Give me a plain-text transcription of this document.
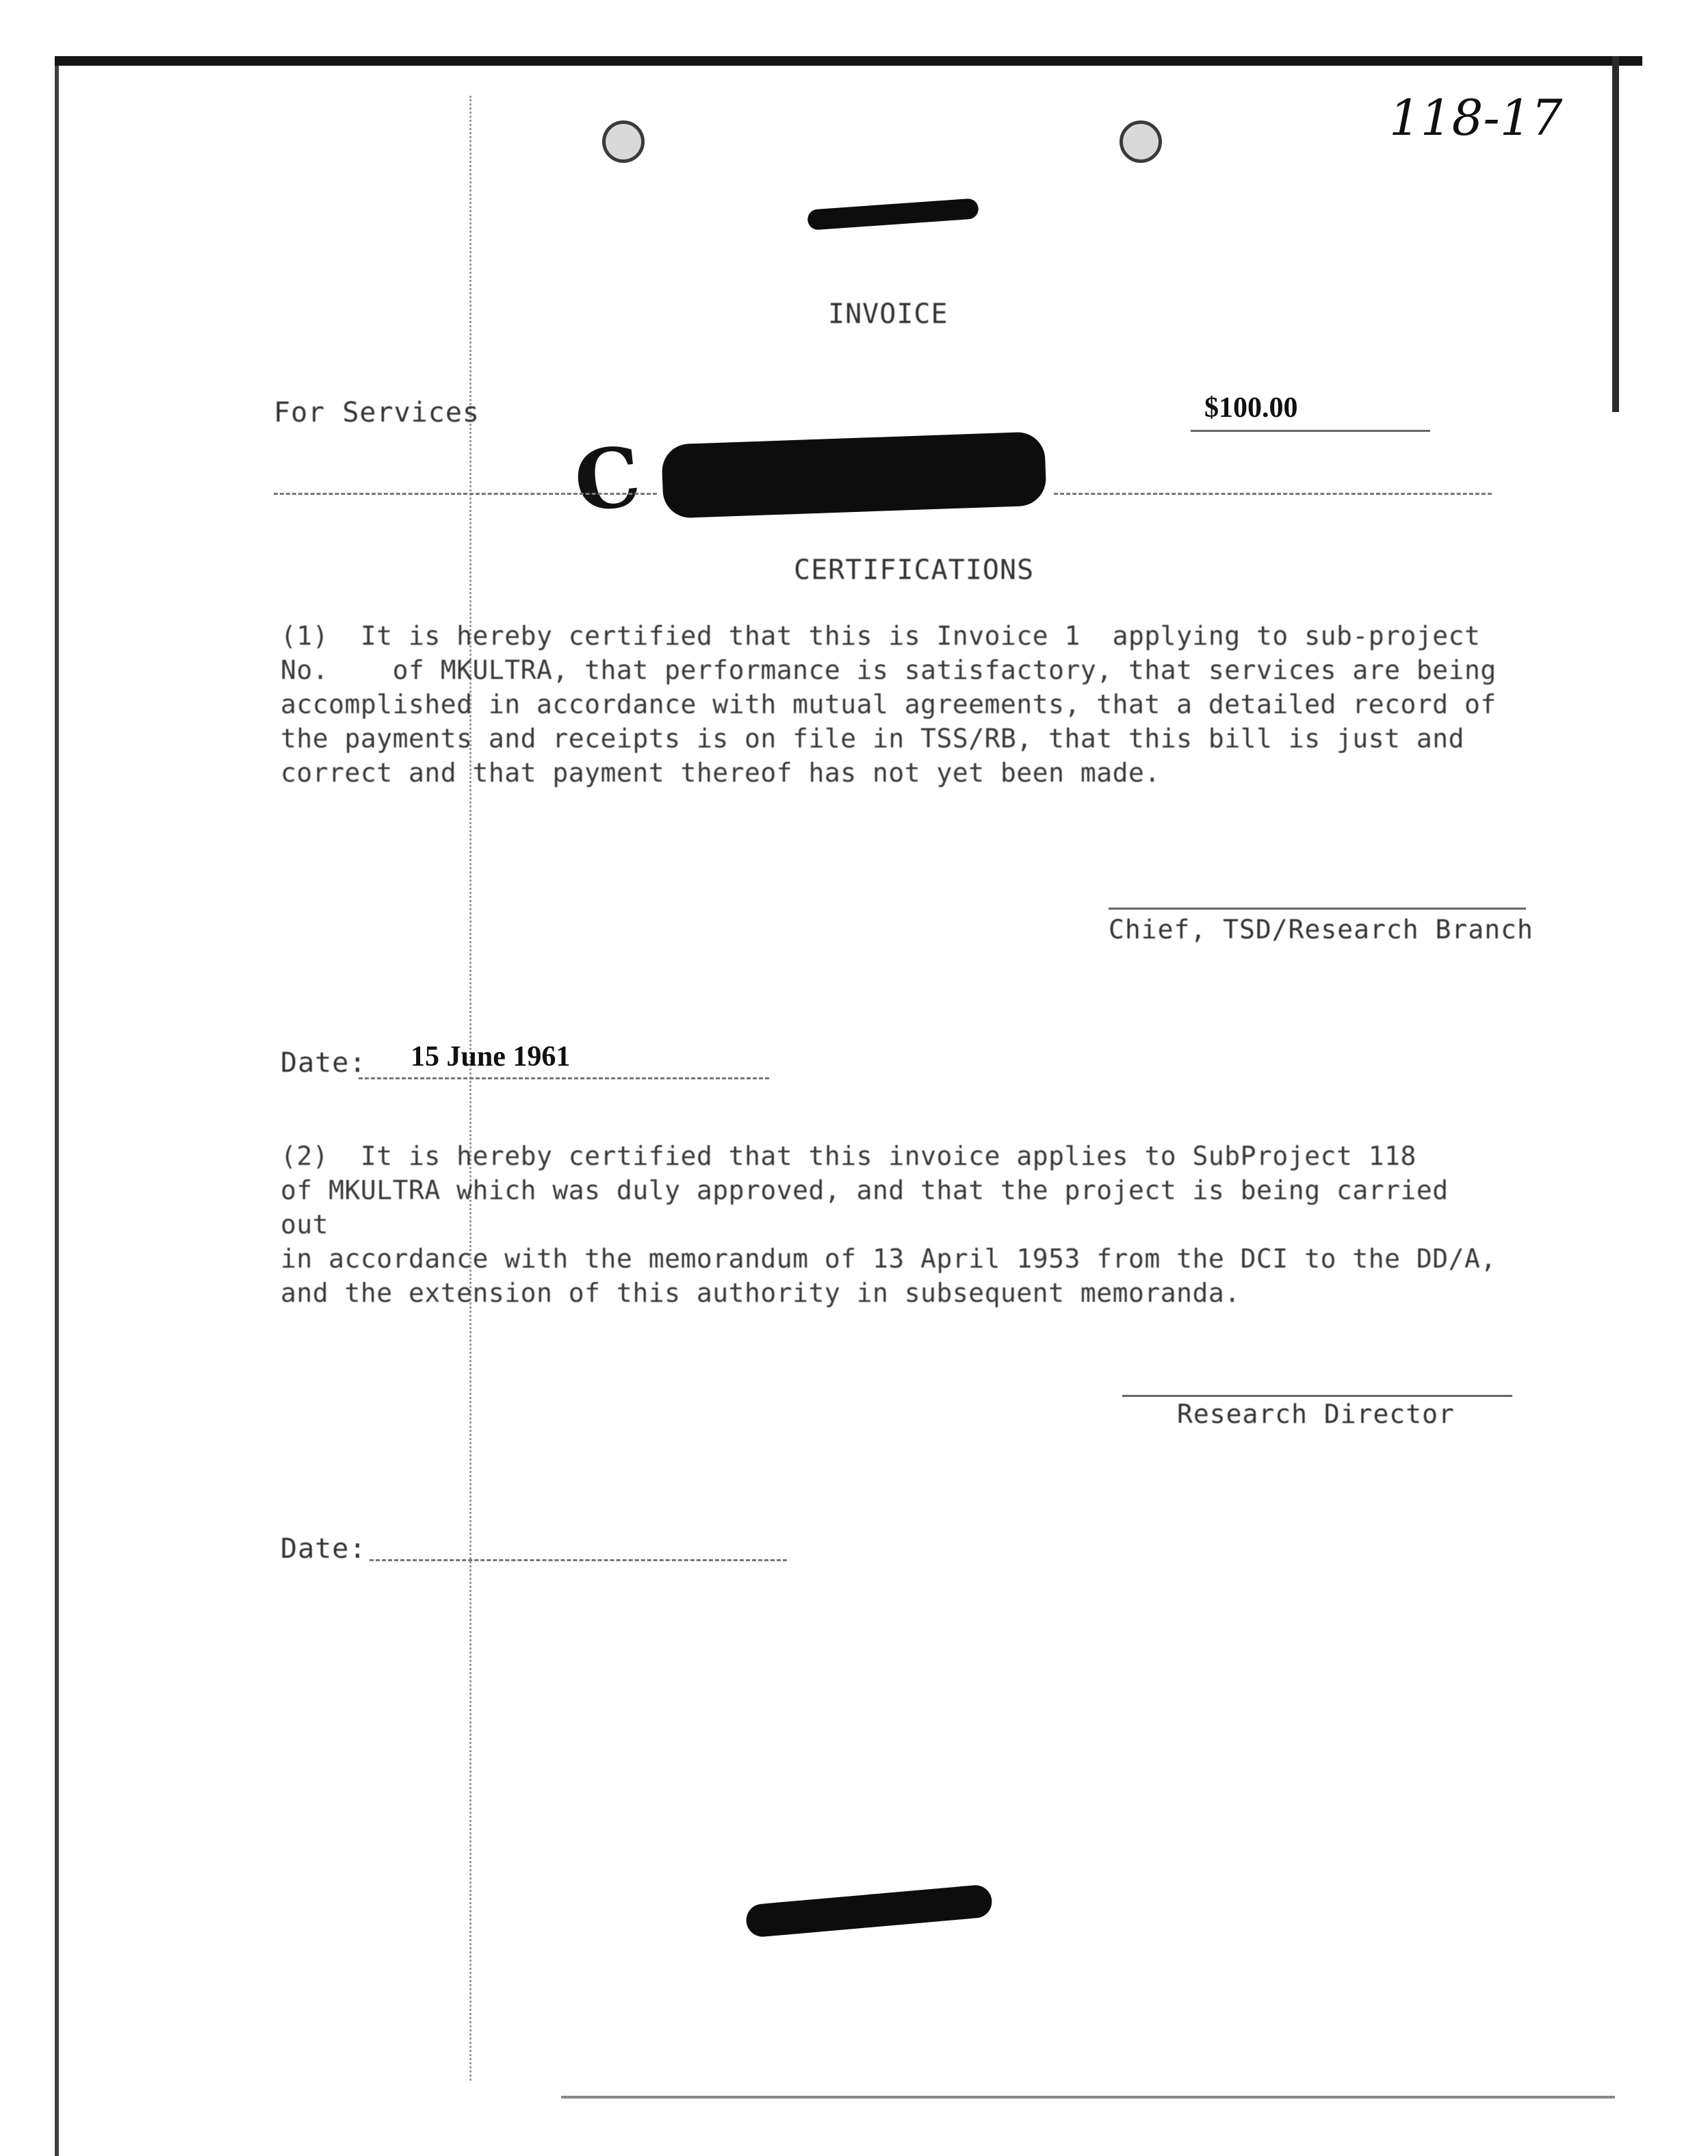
118-17
INVOICE
For Services	$100.00
C
CERTIFICATIONS
(1)  It is hereby certified that this is Invoice 1  applying to sub-project
No.    of MKULTRA, that performance is satisfactory, that services are being
accomplished in accordance with mutual agreements, that a detailed record of
the payments and receipts is on file in TSS/RB, that this bill is just and
correct and that payment thereof has not yet been made.
Chief, TSD/Research Branch
Date: 15 June 1961
(2)  It is hereby certified that this invoice applies to SubProject 118
of MKULTRA which was duly approved, and that the project is being carried out
in accordance with the memorandum of 13 April 1953 from the DCI to the DD/A,
and the extension of this authority in subsequent memoranda.
Research Director
Date:
